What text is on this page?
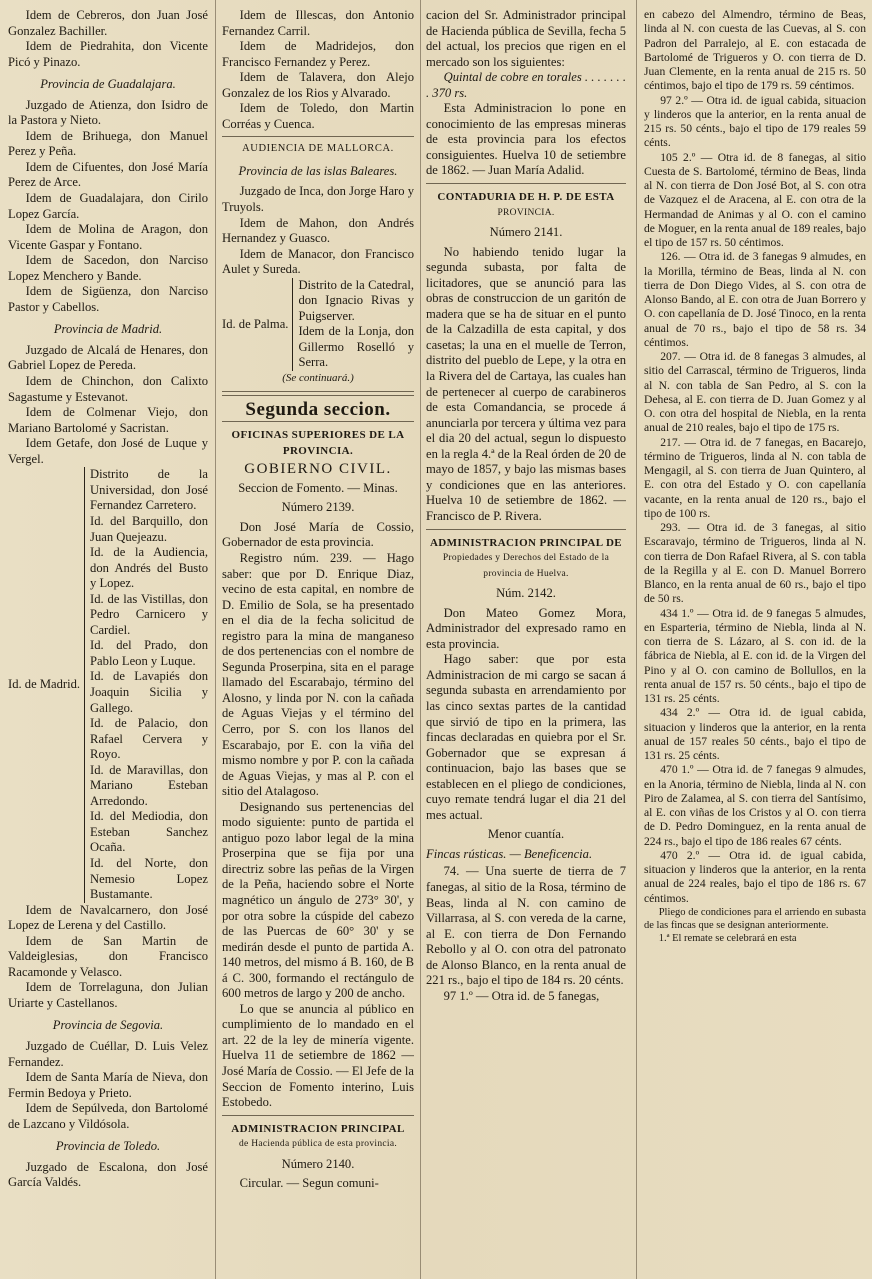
Idem de Cebreros, don Juan José Gonzalez Bachiller.

Idem de Piedrahita, don Vicente Picó y Pinazo.

Provincia de Guadalajara.

Juzgado de Atienza, don Isidro de la Pastora y Nieto.

Idem de Brihuega, don Manuel Perez y Peña.

Idem de Cifuentes, don José María Perez de Arce.

Idem de Guadalajara, don Cirilo Lopez García.

Idem de Molina de Aragon, don Vicente Gaspar y Fontano.

Idem de Sacedon, don Narciso Lopez Menchero y Bande.

Idem de Sigüenza, don Narciso Pastor y Cabellos.

Provincia de Madrid.

Juzgado de Alcalá de Henares, don Gabriel Lopez de Pereda.

Idem de Chinchon, don Calixto Sagastume y Estevanot.

Idem de Colmenar Viejo, don Mariano Bartolomé y Sacristan.

Idem Getafe, don José de Luque y Vergel.

Id. de Madrid.

Distrito de la Universidad, don José Fernandez Carretero.

Id. del Barquillo, don Juan Quejeazu.

Id. de la Audiencia, don Andrés del Busto y Lopez.

Id. de las Vistillas, don Pedro Carnicero y Cardiel.

Id. del Prado, don Pablo Leon y Luque.

Id. de Lavapiés don Joaquin Sicilia y Gallego.

Id. de Palacio, don Rafael Cervera y Royo.

Id. de Maravillas, don Mariano Esteban Arredondo.

Id. del Mediodia, don Esteban Sanchez Ocaña.

Id. del Norte, don Nemesio Lopez Bustamante.

Idem de Navalcarnero, don José Lopez de Lerena y del Castillo.

Idem de San Martin de Valdeiglesias, don Francisco Racamonde y Velasco.

Idem de Torrelaguna, don Julian Uriarte y Castellanos.

Provincia de Segovia.

Juzgado de Cuéllar, D. Luis Velez Fernandez.

Idem de Santa María de Nieva, don Fermin Bedoya y Prieto.

Idem de Sepúlveda, don Bartolomé de Lazcano y Vildósola.

Provincia de Toledo.

Juzgado de Escalona, don José García Valdés.

Idem de Illescas, don Antonio Fernandez Carril.

Idem de Madridejos, don Francisco Fernandez y Perez.

Idem de Talavera, don Alejo Gonzalez de los Rios y Alvarado.

Idem de Toledo, don Martin Corréas y Cuenca.

AUDIENCIA DE MALLORCA.

Provincia de las islas Baleares.

Juzgado de Inca, don Jorge Haro y Truyols.

Idem de Mahon, don Andrés Hernandez y Guasco.

Idem de Manacor, don Francisco Aulet y Sureda.

Id. de Palma.

Distrito de la Catedral, don Ignacio Rivas y Puigserver.

Idem de la Lonja, don Gillermo Roselló y Serra.

(Se continuará.)

Segunda seccion.

OFICINAS SUPERIORES DE LA PROVINCIA.

GOBIERNO CIVIL.

Seccion de Fomento. — Minas.

Número 2139.

Don José María de Cossio, Gobernador de esta provincia.

Registro núm. 239. — Hago saber: que por D. Enrique Diaz, vecino de esta capital, en nombre de D. Emilio de Sola, se ha presentado en el dia de la fecha solicitud de registro para la mina de manganeso de dos pertenencias con el nombre de Segunda Proserpina, sita en el parage llamado del Escarabajo, término del Alosno, y linda por N. con la cañada de Aguas Viejas y el término del Cerro, por S. con los llanos del Escarabajo, por E. con la viña del mismo nombre y por P. con la cañada de Aguas Viejas, y mas al P. con el sitio del Atalagoso.

Designando sus pertenencias del modo siguiente: punto de partida el antiguo pozo labor legal de la mina Proserpina que se fija por una directriz sobre las peñas de la Virgen de la Peña, haciendo sobre el Norte magnético un ángulo de 273° 30', y por otra sobre la cúspide del cabezo de las Puercas de 60° 30' y se medirán desde el punto de partida A. 140 metros, del mismo á B. 160, de B á C. 300, formando el rectángulo de 600 metros de largo y 200 de ancho.

Lo que se anuncia al público en cumplimiento de lo mandado en el art. 22 de la ley de minería vigente. Huelva 11 de setiembre de 1862 — José María de Cossio. — El Jefe de la Seccion de Fomento interino, Luis Estobedo.

ADMINISTRACION PRINCIPAL

de Hacienda pública de esta provincia.

Número 2140.

Circular. — Segun comuni-

cacion del Sr. Administrador principal de Hacienda pública de Sevilla, fecha 5 del actual, los precios que rigen en el mercado son los siguientes:

Quintal de cobre en torales . . . . . . . . 370 rs.

Esta Administracion lo pone en conocimiento de las empresas mineras de esta provincia para los efectos consiguientes. Huelva 10 de setiembre de 1862. — Juan María Adalid.

CONTADURIA DE H. P. DE ESTA

PROVINCIA.

Número 2141.

No habiendo tenido lugar la segunda subasta, por falta de licitadores, que se anunció para las obras de construccion de un garitón de madera que se ha de situar en el punto de la Calzadilla de esta capital, y dos casetas; la una en el muelle de Terron, distrito del pueblo de Lepe, y la otra en la Rivera del de Cartaya, las cuales han de pertenecer al cuerpo de carabineros de esta Comandancia, se procede á anunciarla por tercera y última vez para el dia 20 del actual, segun lo dispuesto en la regla 4.ª de la Real órden de 20 de mayo de 1857, y bajo las mismas bases y condiciones que en las anteriores. Huelva 10 de setiembre de 1862. — Francisco de P. Rivera.

ADMINISTRACION PRINCIPAL DE

Propiedades y Derechos del Estado de la provincia de Huelva.

Núm. 2142.

Don Mateo Gomez Mora, Administrador del expresado ramo en esta provincia.

Hago saber: que por esta Administracion de mi cargo se sacan á segunda subasta en arrendamiento por las cinco sextas partes de la cantidad que sirvió de tipo en la primera, las fincas declaradas en quiebra por el Sr. Gobernador que se expresan á continuacion, bajo las bases que se establecen en el pliego de condiciones, cuyo remate tendrá lugar el dia 21 del mes actual.

Menor cuantía.

Fincas rústicas. — Beneficencia.

74. — Una suerte de tierra de 7 fanegas, al sitio de la Rosa, término de Beas, linda al N. con camino de Villarrasa, al S. con vereda de la carne, al E. con tierra de Don Fernando Rebollo y al O. con otra del patronato de Alonso Blanco, en la renta anual de 221 rs., bajo el tipo de 184 rs. 20 cénts.

97 1.º — Otra id. de 5 fanegas,

en cabezo del Almendro, término de Beas, linda al N. con cuesta de las Cuevas, al S. con Padron del Parralejo, al E. con estacada de Bartolomé de Trigueros y O. con tierra de D. Juan Clemente, en la renta anual de 215 rs. 50 céntimos, bajo el tipo de 179 rs. 59 céntimos.

97 2.º — Otra id. de igual cabida, situacion y linderos que la anterior, en la renta anual de 215 rs. 50 cénts., bajo el tipo de 179 reales 59 cénts.

105 2.º — Otra id. de 8 fanegas, al sitio Cuesta de S. Bartolomé, término de Beas, linda al N. con tierra de Don José Bot, al S. con otra de Vazquez el de Aracena, al E. con otra de la Hermandad de Animas y al O. con el camino de Moguer, en la renta anual de 189 reales, bajo el tipo de 157 rs. 50 céntimos.

126. — Otra id. de 3 fanegas 9 almudes, en la Morilla, término de Beas, linda al N. con tierra de Don Diego Vides, al S. con otra de Alonso Bando, al E. con otra de Juan Borrero y O. con capellanía de D. José Tinoco, en la renta anual de 70 rs., bajo el tipo de 58 rs. 34 céntimos.

207. — Otra id. de 8 fanegas 3 almudes, al sitio del Carrascal, término de Trigueros, linda al N. con tabla de San Pedro, al S. con la Dehesa, al E. con tierra de D. Juan Gomez y al O. con otra del hospital de Niebla, en la renta anual de 210 reales, bajo el tipo de 175 rs.

217. — Otra id. de 7 fanegas, en Bacarejo, término de Trigueros, linda al N. con tabla de Mengagil, al S. con tierra de Juan Quintero, al E. con otra del Estado y O. con capellanía vacante, en la renta anual de 120 rs., bajo el tipo de 100 rs.

293. — Otra id. de 3 fanegas, al sitio Escaravajo, término de Trigueros, linda al N. con tierra de Don Rafael Rivera, al S. con tabla de la Regilla y al E. con D. Manuel Borrero Blanco, en la renta anual de 60 rs., bajo el tipo de 50 rs.

434 1.º — Otra id. de 9 fanegas 5 almudes, en Esparteria, término de Niebla, linda al N. con tierra de S. Lázaro, al S. con id. de la fábrica de Niebla, al E. con id. de la Virgen del Pino y al O. con camino de Bollullos, en la renta anual de 157 rs. 50 cénts., bajo el tipo de 131 rs. 25 cénts.

434 2.º — Otra id. de igual cabida, situacion y linderos que la anterior, en la renta anual de 157 reales 50 cénts., bajo el tipo de 131 rs. 25 cénts.

470 1.º — Otra id. de 7 fanegas 9 almudes, en la Anoria, término de Niebla, linda al N. con Piro de Zalamea, al S. con tierra del Santísimo, al E. con viñas de los Cristos y al O. con tierra de D. Pedro Dominguez, en la renta anual de 224 rs., bajo el tipo de 186 reales 67 cénts.

470 2.º — Otra id. de igual cabida, situacion y linderos que la anterior, en la renta anual de 224 reales, bajo el tipo de 186 rs. 67 céntimos.

Pliego de condiciones para el arriendo en subasta de las fincas que se designan anteriormente.

1.ª El remate se celebrará en esta
